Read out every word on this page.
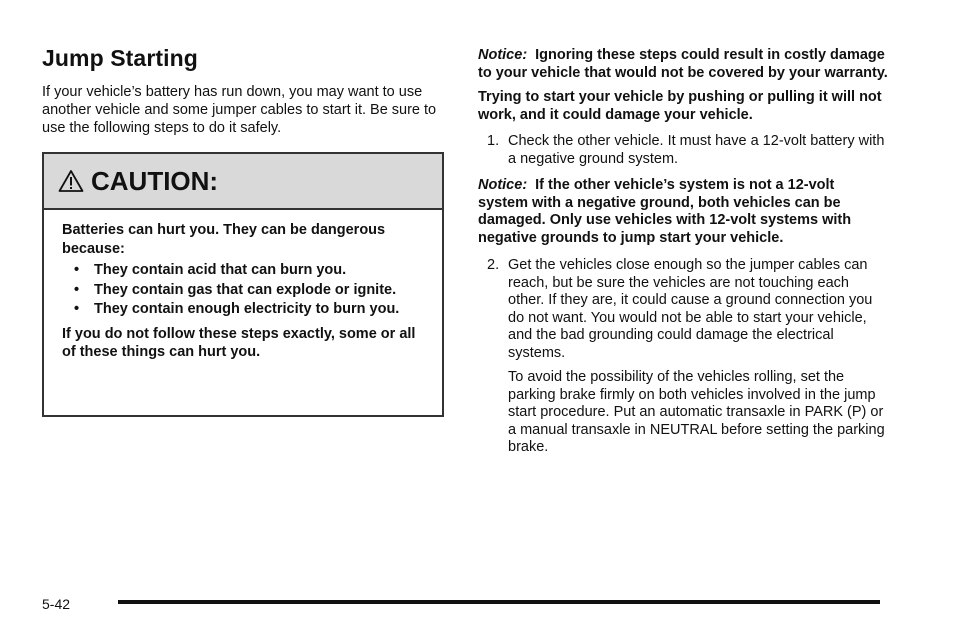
Jump Starting

If your vehicle’s battery has run down, you may want to use another vehicle and some jumper cables to start it. Be sure to use the following steps to do it safely.

CAUTION:

Batteries can hurt you. They can be dangerous because:

• They contain acid that can burn you.
• They contain gas that can explode or ignite.
• They contain enough electricity to burn you.

If you do not follow these steps exactly, some or all of these things can hurt you.

Notice: Ignoring these steps could result in costly damage to your vehicle that would not be covered by your warranty.

Trying to start your vehicle by pushing or pulling it will not work, and it could damage your vehicle.

1. Check the other vehicle. It must have a 12-volt battery with a negative ground system.

Notice: If the other vehicle’s system is not a 12-volt system with a negative ground, both vehicles can be damaged. Only use vehicles with 12-volt systems with negative grounds to jump start your vehicle.

2. Get the vehicles close enough so the jumper cables can reach, but be sure the vehicles are not touching each other. If they are, it could cause a ground connection you do not want. You would not be able to start your vehicle, and the bad grounding could damage the electrical systems.

To avoid the possibility of the vehicles rolling, set the parking brake firmly on both vehicles involved in the jump start procedure. Put an automatic transaxle in PARK (P) or a manual transaxle in NEUTRAL before setting the parking brake.

5-42
